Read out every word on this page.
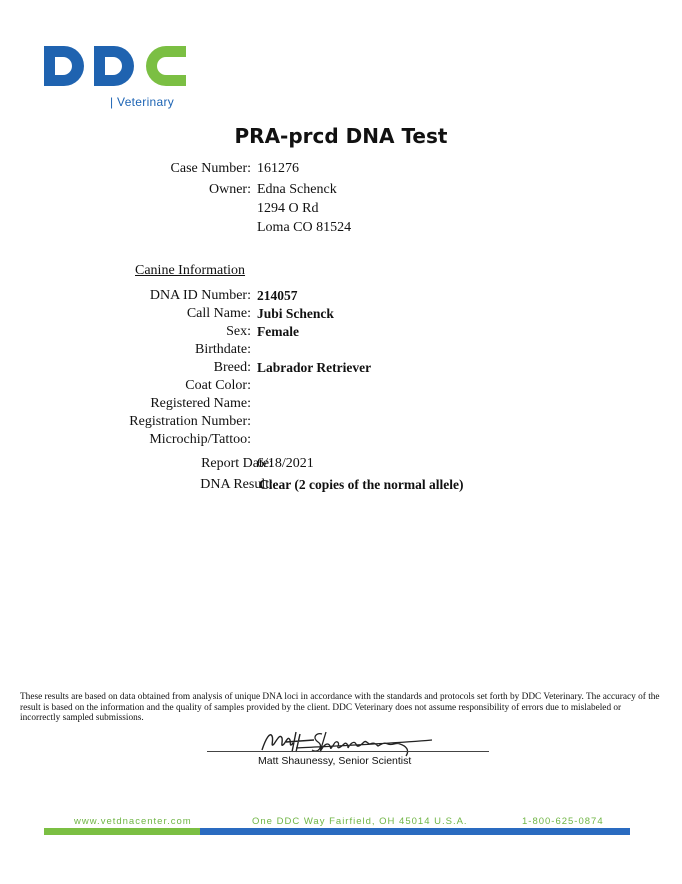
| Veterinary
PRA-prcd DNA Test
Case Number: 161276
Owner: Edna Schenck
1294 O Rd
Loma CO 81524
Canine Information
DNA ID Number: 214057
Call Name: Jubi Schenck
Sex: Female
Birthdate:
Breed: Labrador Retriever
Coat Color:
Registered Name:
Registration Number:
Microchip/Tattoo:
Report Date:
6/18/2021
DNA Result:
Clear (2 copies of the normal allele)
These results are based on data obtained from analysis of unique DNA loci in accordance with the standards and protocols set forth by DDC Veterinary. The accuracy of the result is based on the information and the quality of samples provided by the client. DDC Veterinary does not assume responsibility of errors due to mislabeled or incorrectly sampled submissions.
Matt Shaunessy, Senior Scientist
www.vetdnacenter.com	One DDC Way Fairfield, OH 45014 U.S.A.	1-800-625-0874
